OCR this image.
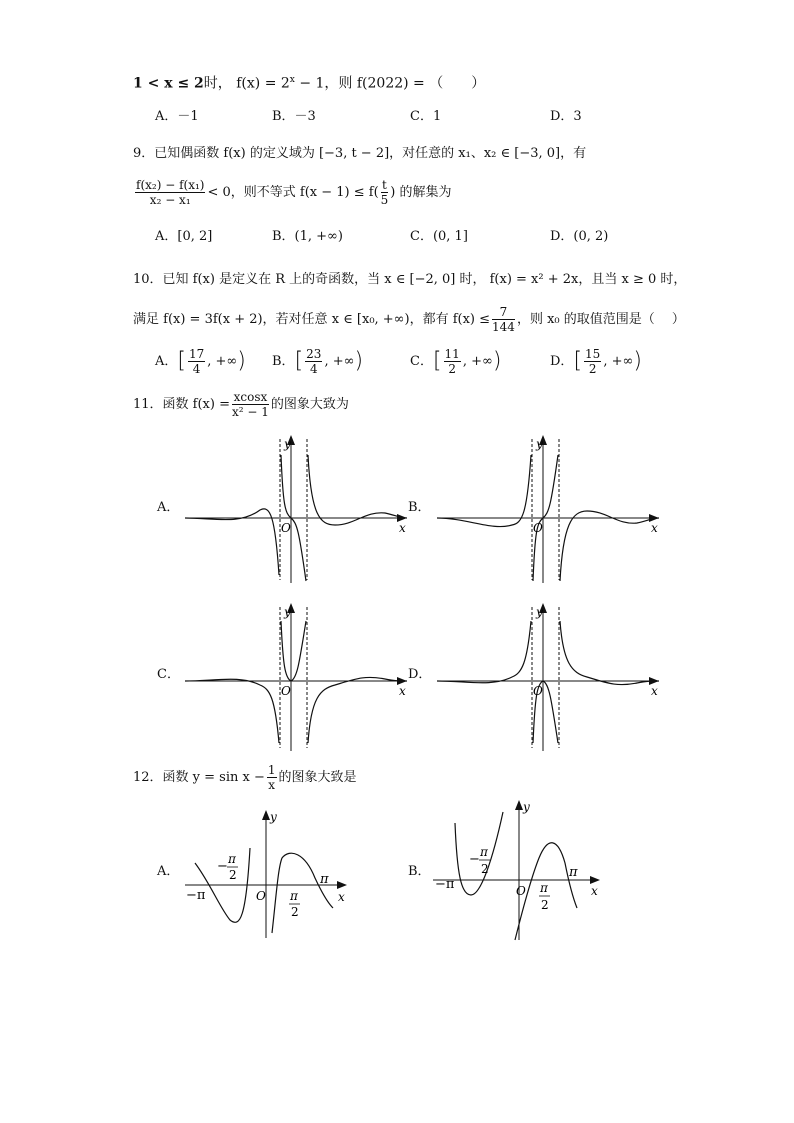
1 < x ≤ 2时， $f(x) = 2^x - 1$，则 f(2022) = （　　）
A．－1	B．－3	C．1	D．3
9．已知偶函数 f(x) 的定义域为 [−3, t − 2]，对任意的 x₁、x₂ ∈ [−3, 0]，有
$\frac{\text{f(x₂) − f(x₁)}}{\text{x₂ − x₁}} < 0$，则不等式 $f(x - 1) \le f( \frac{t}{5}$ ) 的解集为
A．[0, 2]	B．(1, +∞)	C．(0, 1]	D．(0, 2)
10．已知 f(x) 是定义在 R 上的奇函数，当 x ∈ [−2, 0] 时， f(x) = x² + 2x，且当 x ≥ 0 时，
满足 f(x) = 3f(x + 2)，若对任意 x ∈ [x₀, +∞)，都有 $f(x) \le \frac{7}{144}$ ，则 x₀ 的取值范围是（　 ）
A．[ $\frac{17}{4}$ , +∞) B．[ $\frac{23}{4}$ , +∞)	C．[ $\frac{11}{2}$ , +∞)	D．[ $\frac{15}{2}$ , +∞)
11．函数 $f(x) = \frac{xcosx}{\text{x² − 1}}$ 的图象大致为
A．	B．
C．	D．
y
x
O
y
x
O
y
x
O
y
x
O
12．函数 $y = \sin x - \frac{1}{x}$ 的图象大致是
A．	B．
y
x
O
−π
π
− π
2
π
2
y
x
O
−π
π
− π
2
π
2
